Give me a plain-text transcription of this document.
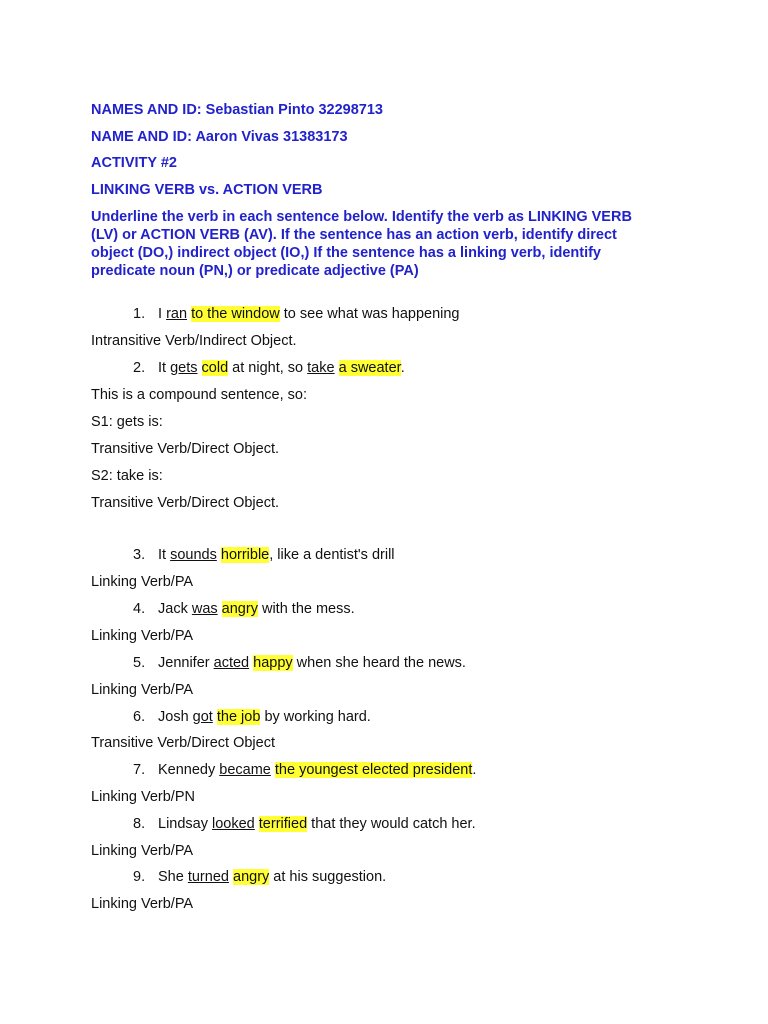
NAMES AND ID: Sebastian Pinto 32298713
NAME AND ID: Aaron Vivas 31383173
ACTIVITY #2
LINKING VERB vs. ACTION VERB
Underline the verb in each sentence below. Identify the verb as LINKING VERB (LV) or ACTION VERB (AV). If the sentence has an action verb, identify direct object (DO,) indirect object (IO,) If the sentence has a linking verb, identify predicate noun (PN,) or predicate adjective (PA)
1. I ran to the window to see what was happening
Intransitive Verb/Indirect Object.
2. It gets cold at night, so take a sweater.
This is a compound sentence, so:
S1: gets is:
Transitive Verb/Direct Object.
S2: take is:
Transitive Verb/Direct Object.
3. It sounds horrible, like a dentist's drill
Linking Verb/PA
4. Jack was angry with the mess.
Linking Verb/PA
5. Jennifer acted happy when she heard the news.
Linking Verb/PA
6. Josh got the job by working hard.
Transitive Verb/Direct Object
7. Kennedy became the youngest elected president.
Linking Verb/PN
8. Lindsay looked terrified that they would catch her.
Linking Verb/PA
9. She turned angry at his suggestion.
Linking Verb/PA
